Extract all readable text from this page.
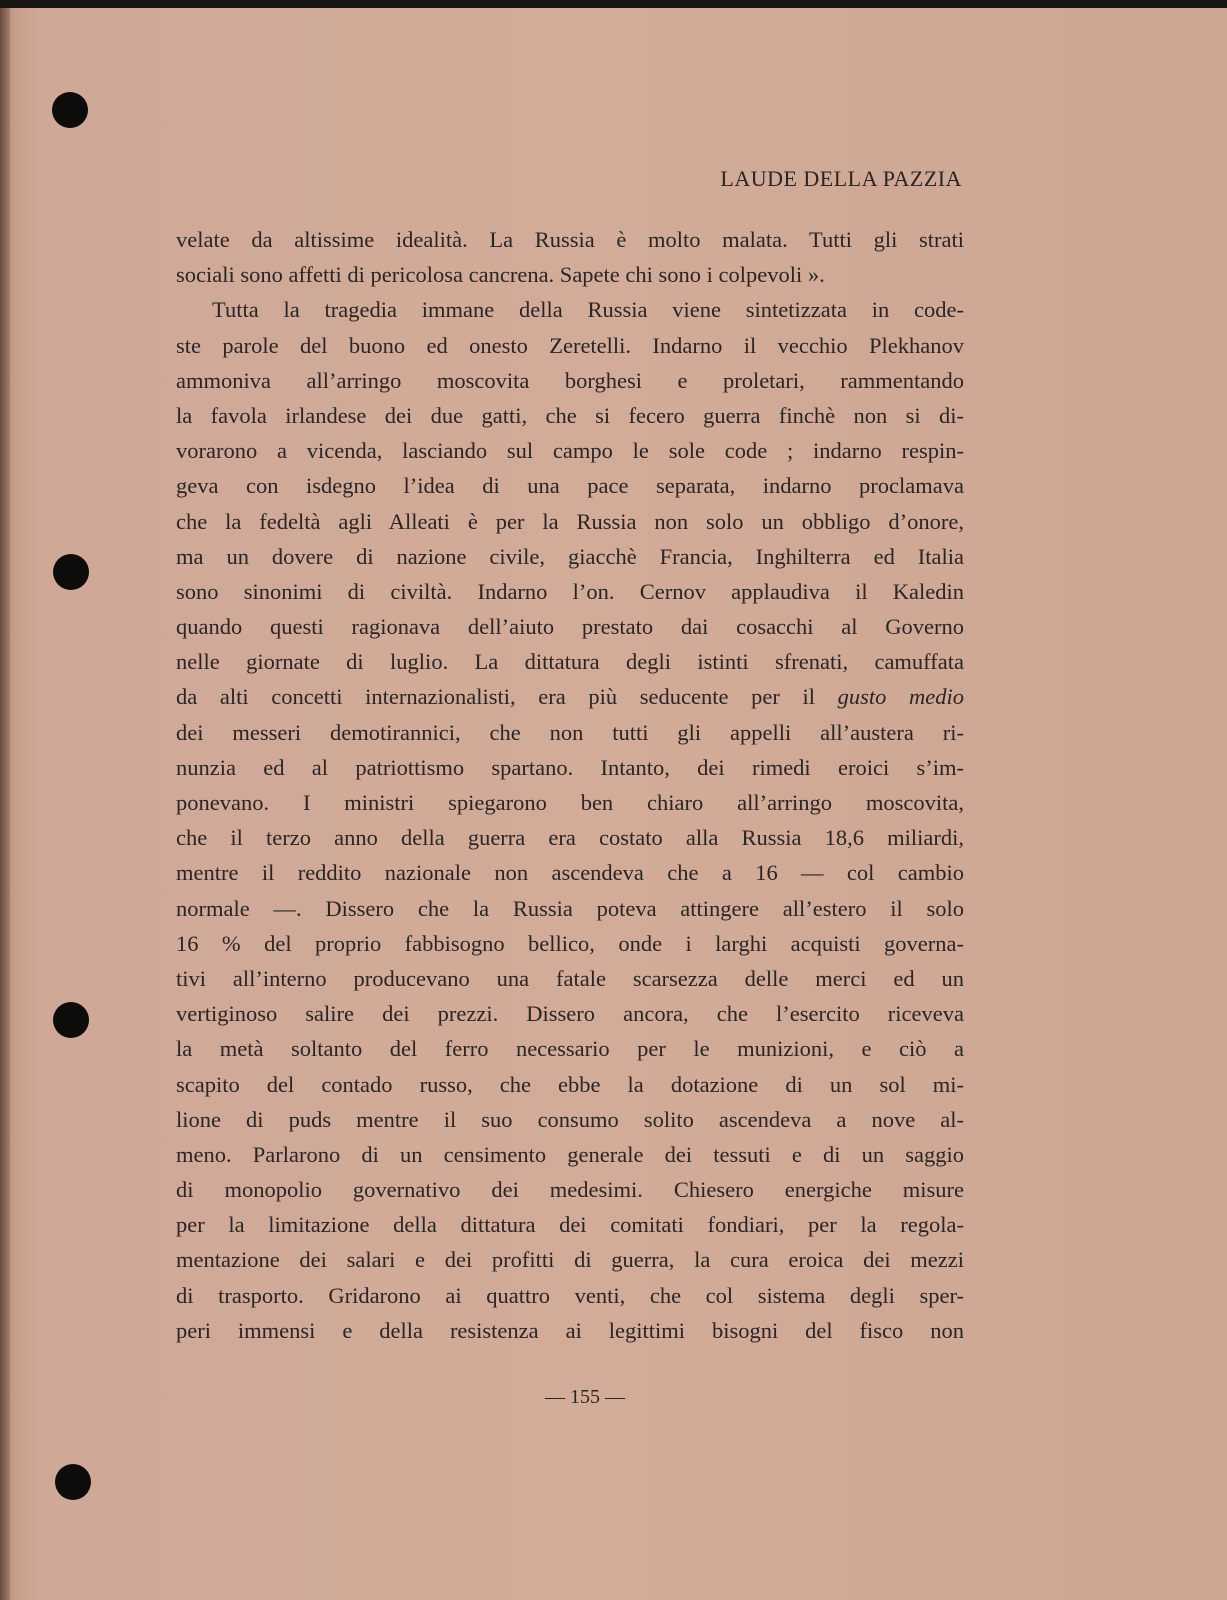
LAUDE DELLA PAZZIA
velate da altissime idealità. La Russia è molto malata. Tutti gli strati
sociali sono affetti di pericolosa cancrena. Sapete chi sono i colpevoli ».
Tutta la tragedia immane della Russia viene sintetizzata in code-
ste parole del buono ed onesto Zeretelli. Indarno il vecchio Plekhanov
ammoniva all’arringo moscovita borghesi e proletari, rammentando
la favola irlandese dei due gatti, che si fecero guerra finchè non si di-
vorarono a vicenda, lasciando sul campo le sole code ; indarno respin-
geva con isdegno l’idea di una pace separata, indarno proclamava
che la fedeltà agli Alleati è per la Russia non solo un obbligo d’onore,
ma un dovere di nazione civile, giacchè Francia, Inghilterra ed Italia
sono sinonimi di civiltà. Indarno l’on. Cernov applaudiva il Kaledin
quando questi ragionava dell’aiuto prestato dai cosacchi al Governo
nelle giornate di luglio. La dittatura degli istinti sfrenati, camuffata
da alti concetti internazionalisti, era più seducente per il gusto medio
dei messeri demotirannici, che non tutti gli appelli all’austera ri-
nunzia ed al patriottismo spartano. Intanto, dei rimedi eroici s’im-
ponevano. I ministri spiegarono ben chiaro all’arringo moscovita,
che il terzo anno della guerra era costato alla Russia 18,6 miliardi,
mentre il reddito nazionale non ascendeva che a 16 — col cambio
normale —. Dissero che la Russia poteva attingere all’estero il solo
16 % del proprio fabbisogno bellico, onde i larghi acquisti governa-
tivi all’interno producevano una fatale scarsezza delle merci ed un
vertiginoso salire dei prezzi. Dissero ancora, che l’esercito riceveva
la metà soltanto del ferro necessario per le munizioni, e ciò a
scapito del contado russo, che ebbe la dotazione di un sol mi-
lione di puds mentre il suo consumo solito ascendeva a nove al-
meno. Parlarono di un censimento generale dei tessuti e di un saggio
di monopolio governativo dei medesimi. Chiesero energiche misure
per la limitazione della dittatura dei comitati fondiari, per la regola-
mentazione dei salari e dei profitti di guerra, la cura eroica dei mezzi
di trasporto. Gridarono ai quattro venti, che col sistema degli sper-
peri immensi e della resistenza ai legittimi bisogni del fisco non
— 155 —
